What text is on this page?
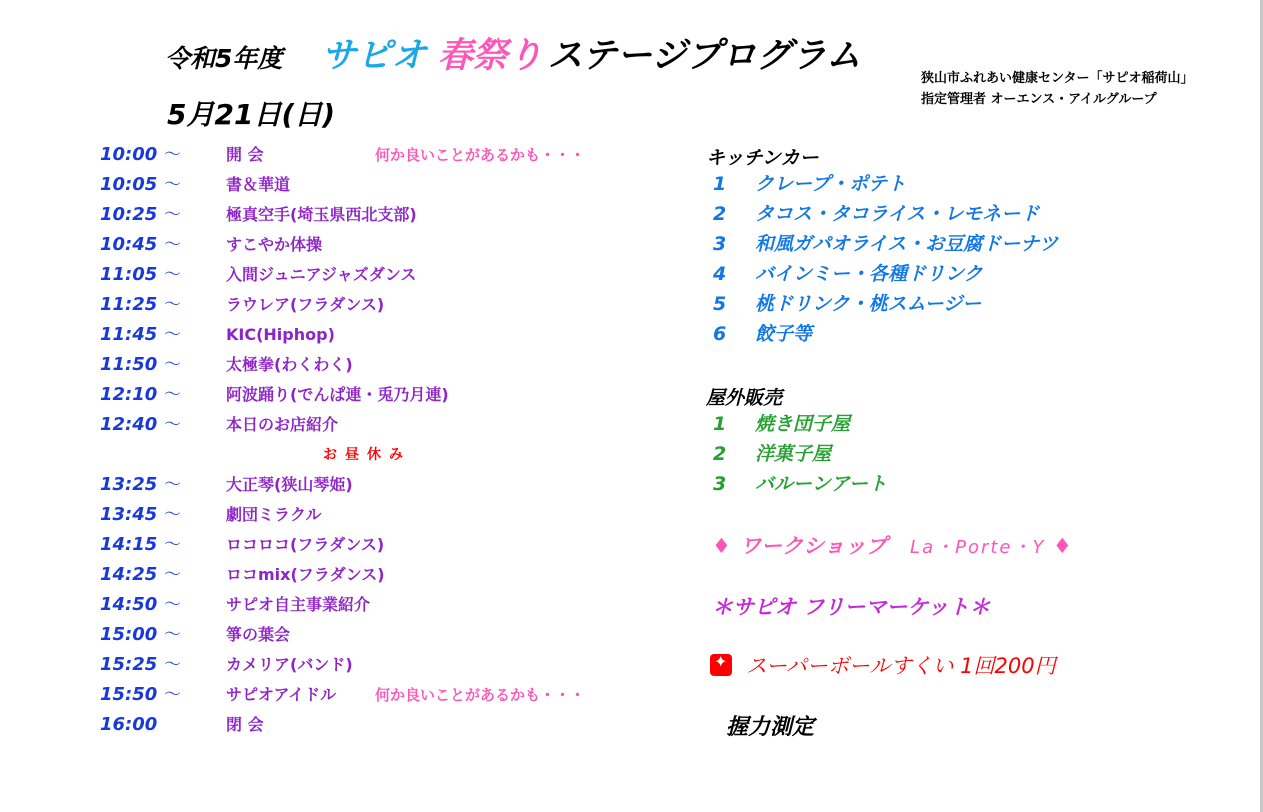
令和5年度 サピオ 春祭り ステージプログラム
狭山市ふれあい健康センター「サピオ稲荷山」
指定管理者 オーエンス・アイルグループ
5月21日(日)
10:00 ～	開 会	何か良いことがあるかも・・・
10:05 ～	書＆華道
10:25 ～	極真空手(埼玉県西北支部)
10:45 ～	すこやか体操
11:05 ～	入間ジュニアジャズダンス
11:25 ～	ラウレア(フラダンス)
11:45 ～	KIC(Hiphop)
11:50 ～	太極拳(わくわく)
12:10 ～	阿波踊り(でんぱ連・兎乃月連)
12:40 ～	本日のお店紹介
お昼休み
13:25 ～	大正琴(狭山琴姫)
13:45 ～	劇団ミラクル
14:15 ～	ロコロコ(フラダンス)
14:25 ～	ロコmix(フラダンス)
14:50 ～	サピオ自主事業紹介
15:00 ～	箏の葉会
15:25 ～	カメリア(バンド)
15:50 ～	サピオアイドル	何か良いことがあるかも・・・
16:00	閉 会
キッチンカー
1 クレープ・ポテト
2 タコス・タコライス・レモネード
3 和風ガパオライス・お豆腐ドーナツ
4 バインミー・各種ドリンク
5 桃ドリンク・桃スムージー
6 餃子等
屋外販売
1 焼き団子屋
2 洋菓子屋
3 バルーンアート
♦ ワークショップ La・Porte・Y ♦
＊サピオ フリーマーケット＊
✦スーパーボールすくい 1回200円
握力測定
